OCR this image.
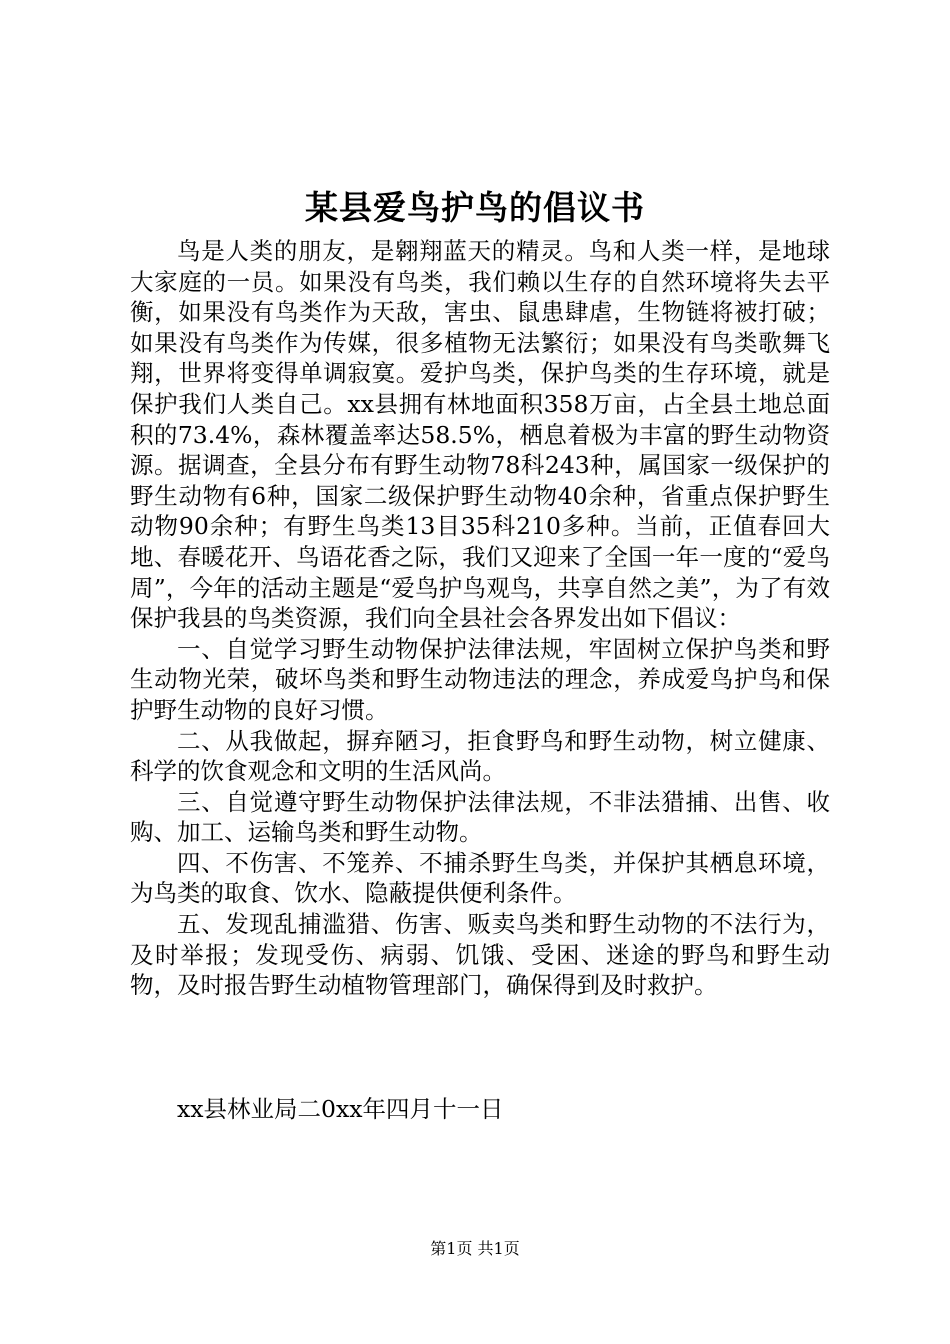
某县爱鸟护鸟的倡议书

鸟是人类的朋友，是翱翔蓝天的精灵。鸟和人类一样，是地球大家庭的一员。如果没有鸟类，我们赖以生存的自然环境将失去平衡，如果没有鸟类作为天敌，害虫、鼠患肆虐，生物链将被打破；如果没有鸟类作为传媒，很多植物无法繁衍；如果没有鸟类歌舞飞翔，世界将变得单调寂寞。爱护鸟类，保护鸟类的生存环境，就是保护我们人类自己。xx县拥有林地面积358万亩，占全县土地总面积的73.4%，森林覆盖率达58.5%，栖息着极为丰富的野生动物资源。据调查，全县分布有野生动物78科243种，属国家一级保护的野生动物有6种，国家二级保护野生动物40余种，省重点保护野生动物90余种；有野生鸟类13目35科210多种。当前，正值春回大地、春暖花开、鸟语花香之际，我们又迎来了全国一年一度的“爱鸟周”，今年的活动主题是“爱鸟护鸟观鸟，共享自然之美”，为了有效保护我县的鸟类资源，我们向全县社会各界发出如下倡议：

一、自觉学习野生动物保护法律法规，牢固树立保护鸟类和野生动物光荣，破坏鸟类和野生动物违法的理念，养成爱鸟护鸟和保护野生动物的良好习惯。

二、从我做起，摒弃陋习，拒食野鸟和野生动物，树立健康、科学的饮食观念和文明的生活风尚。

三、自觉遵守野生动物保护法律法规，不非法猎捕、出售、收购、加工、运输鸟类和野生动物。

四、不伤害、不笼养、不捕杀野生鸟类，并保护其栖息环境，为鸟类的取食、饮水、隐蔽提供便利条件。

五、发现乱捕滥猎、伤害、贩卖鸟类和野生动物的不法行为，及时举报；发现受伤、病弱、饥饿、受困、迷途的野鸟和野生动物，及时报告野生动植物管理部门，确保得到及时救护。

xx县林业局二0xx年四月十一日
第1页 共1页
